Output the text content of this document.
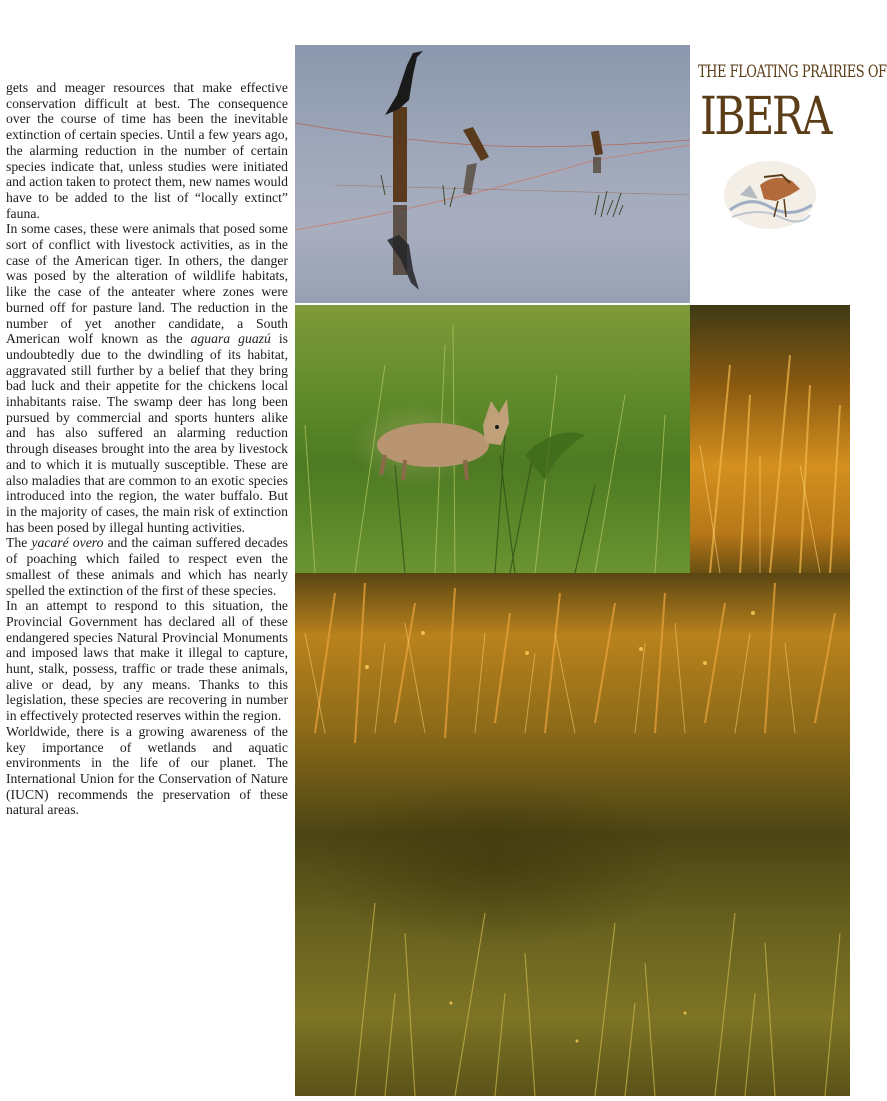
gets and meager resources that make effective conservation difficult at best. The consequence over the course of time has been the inevitable extinction of certain species. Until a few years ago, the alarming reduction in the number of certain species indicate that, unless studies were initiated and action taken to protect them, new names would have to be added to the list of “locally extinct” fauna.

In some cases, these were animals that posed some sort of conflict with livestock activities, as in the case of the American tiger. In others, the danger was posed by the alteration of wildlife habitats, like the case of the anteater where zones were burned off for pasture land. The reduction in the number of yet another candidate, a South American wolf known as the aguara guazú is undoubtedly due to the dwindling of its habitat, aggravated still further by a belief that they bring bad luck and their appetite for the chickens local inhabitants raise. The swamp deer has long been pursued by commercial and sports hunters alike and has also suffered an alarming reduction through diseases brought into the area by livestock and to which it is mutually susceptible. These are also maladies that are common to an exotic species introduced into the region, the water buffalo. But in the majority of cases, the main risk of extinction has been posed by illegal hunting activities.

The yacaré overo and the caiman suffered decades of poaching which failed to respect even the smallest of these animals and which has nearly spelled the extinction of the first of these species.

In an attempt to respond to this situation, the Provincial Government has declared all of these endangered species Natural Provincial Monuments and imposed laws that make it illegal to capture, hunt, stalk, possess, traffic or trade these animals, alive or dead, by any means. Thanks to this legislation, these species are recovering in number in effectively protected reserves within the region.

Worldwide, there is a growing awareness of the key importance of wetlands and aquatic environments in the life of our planet. The International Union for the Conservation of Nature (IUCN) recommends the preservation of these natural areas.

THE FLOATING PRAIRIES OF
IBERA
